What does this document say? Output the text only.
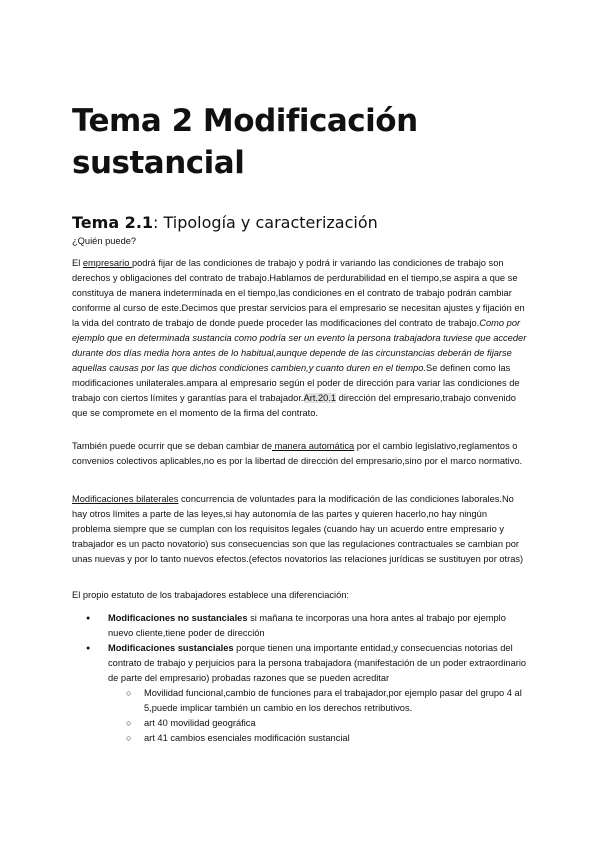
Tema 2 Modificación sustancial
Tema 2.1: Tipología y caracterización

¿Quién puede?

El empresario podrá fijar de las condiciones de trabajo y podrá ir variando las condiciones de trabajo son derechos y obligaciones del contrato de trabajo.Hablamos de perdurabilidad en el tiempo,se aspira a que se constituya de manera indeterminada en el tiempo,las condiciones en el contrato de trabajo podrán cambiar conforme al curso de este.Decimos que prestar servicios para el empresario se necesitan ajustes y fijación en la vida del contrato de trabajo de donde puede proceder las modificaciones del contrato de trabajo.Como por ejemplo que en determinada sustancia como podría ser un evento la persona trabajadora tuviese que acceder durante dos días media hora antes de lo habitual,aunque depende de las circunstancias deberán de fijarse aquellas causas por las que dichos condiciones cambien,y cuanto duren en el tiempo.Se definen como las modificaciones unilaterales.ampara al empresario según el poder de dirección para variar las condiciones de trabajo con ciertos límites y garantías para el trabajador.Art.20.1 dirección del empresario,trabajo convenido que se compromete en el momento de la firma del contrato.

También puede ocurrir que se deban cambiar de manera automática por el cambio legislativo,reglamentos o convenios colectivos aplicables,no es por la libertad de dirección del empresario,sino por el marco normativo.

Modificaciones bilaterales concurrencia de voluntades para la modificación de las condiciones laborales.No hay otros límites a parte de las leyes,si hay autonomía de las partes y quieren hacerlo,no hay ningún problema siempre que se cumplan con los requisitos legales (cuando hay un acuerdo entre empresario y trabajador es un pacto novatorio) sus consecuencias son que las regulaciones contractuales se cambian por unas nuevas y por lo tanto nuevos efectos.(efectos novatorios las relaciones jurídicas se sustituyen por otras)

El propio estatuto de los trabajadores establece una diferenciación:

● Modificaciones no sustanciales si mañana te incorporas una hora antes al trabajo por ejemplo nuevo cliente,tiene poder de dirección
● Modificaciones sustanciales porque tienen una importante entidad,y consecuencias notorias del contrato de trabajo y perjuicios para la persona trabajadora (manifestación de un poder extraordinario de parte del empresario) probadas razones que se pueden acreditar
○ Movilidad funcional,cambio de funciones para el trabajador,por ejemplo pasar del grupo 4 al 5,puede implicar también un cambio en los derechos retributivos.
○ art 40 movilidad geográfica
○ art 41 cambios esenciales modificación sustancial
